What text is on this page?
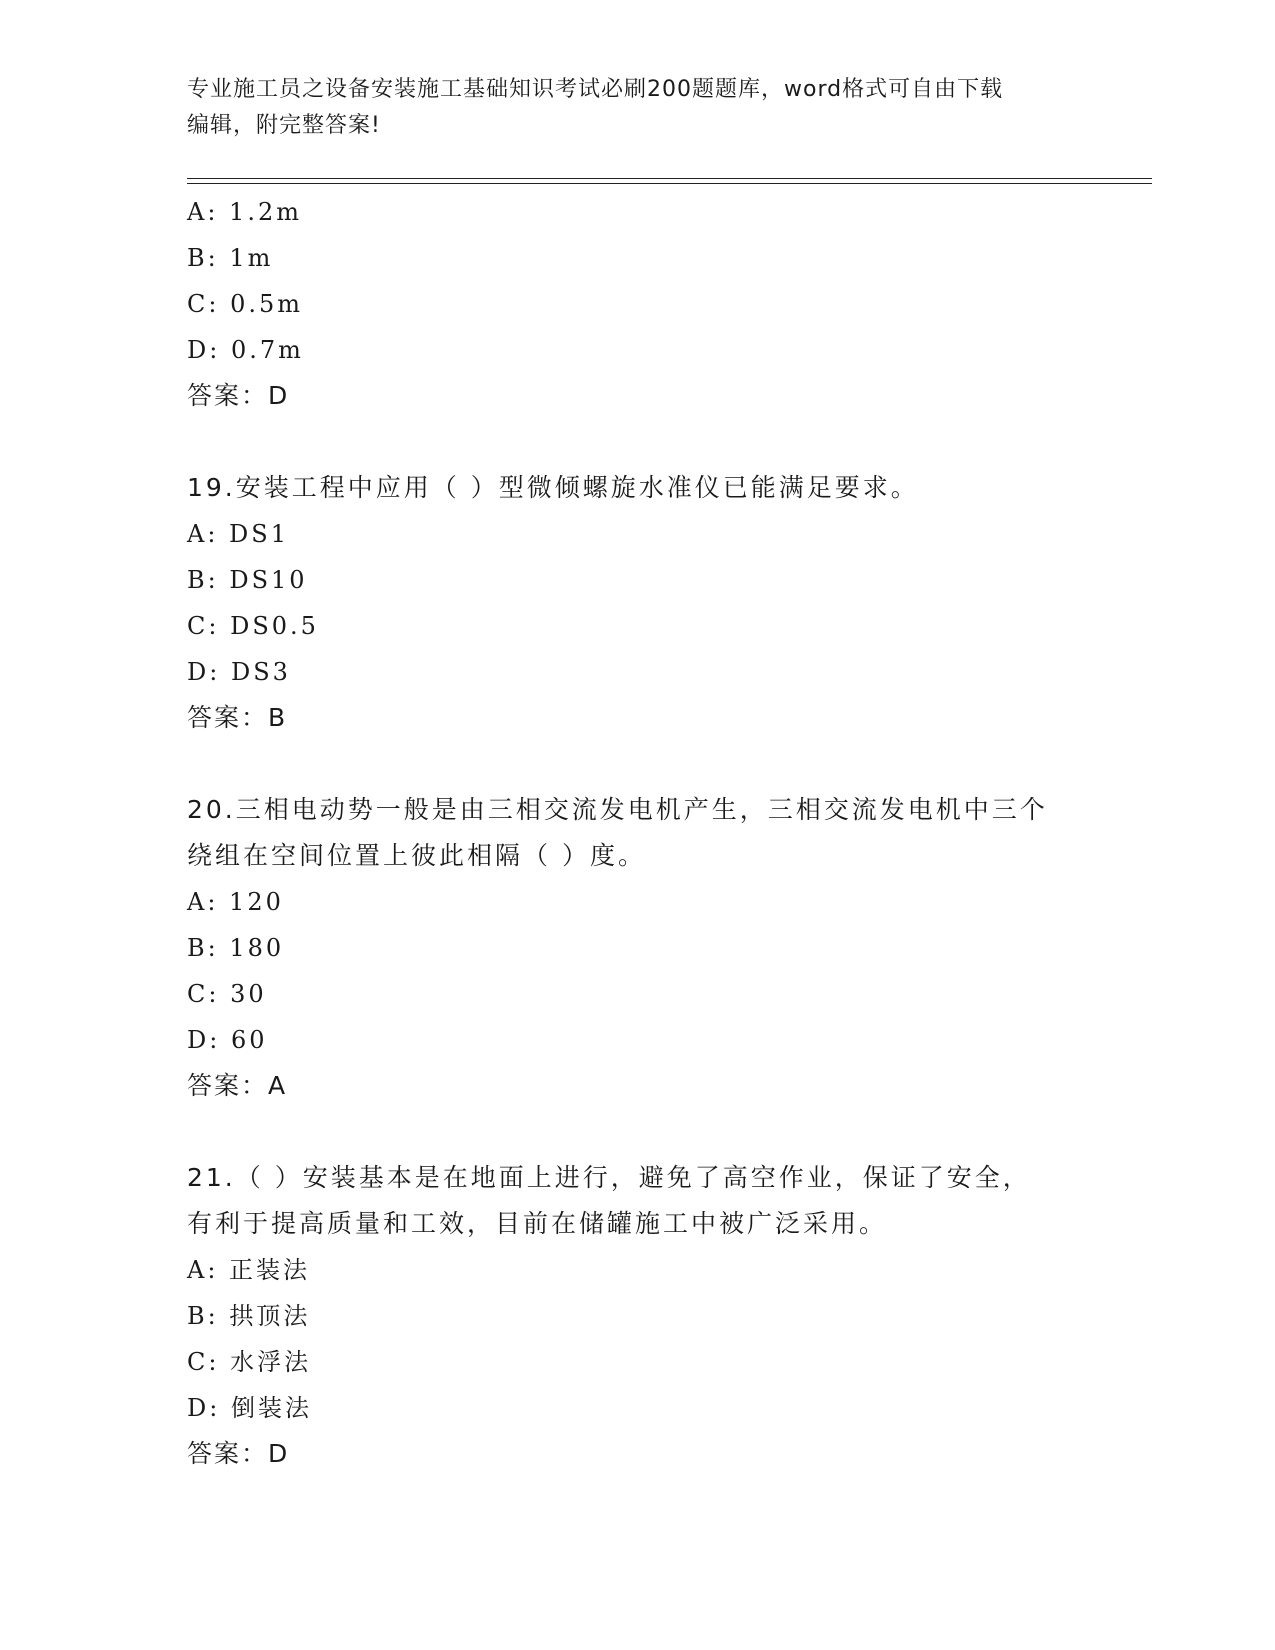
专业施工员之设备安装施工基础知识考试必刷200题题库，word格式可自由下载
编辑，附完整答案!
A: 1.2m
B: 1m
C: 0.5m
D: 0.7m
答案：D
19.安装工程中应用（ ）型微倾螺旋水准仪已能满足要求。
A: DS1
B: DS10
C: DS0.5
D: DS3
答案：B
20.三相电动势一般是由三相交流发电机产生，三相交流发电机中三个
绕组在空间位置上彼此相隔（ ）度。
A: 120
B: 180
C: 30
D: 60
答案：A
21.（ ）安装基本是在地面上进行，避免了高空作业，保证了安全，
有利于提高质量和工效，目前在储罐施工中被广泛采用。
A: 正装法
B: 拱顶法
C: 水浮法
D: 倒装法
答案：D
